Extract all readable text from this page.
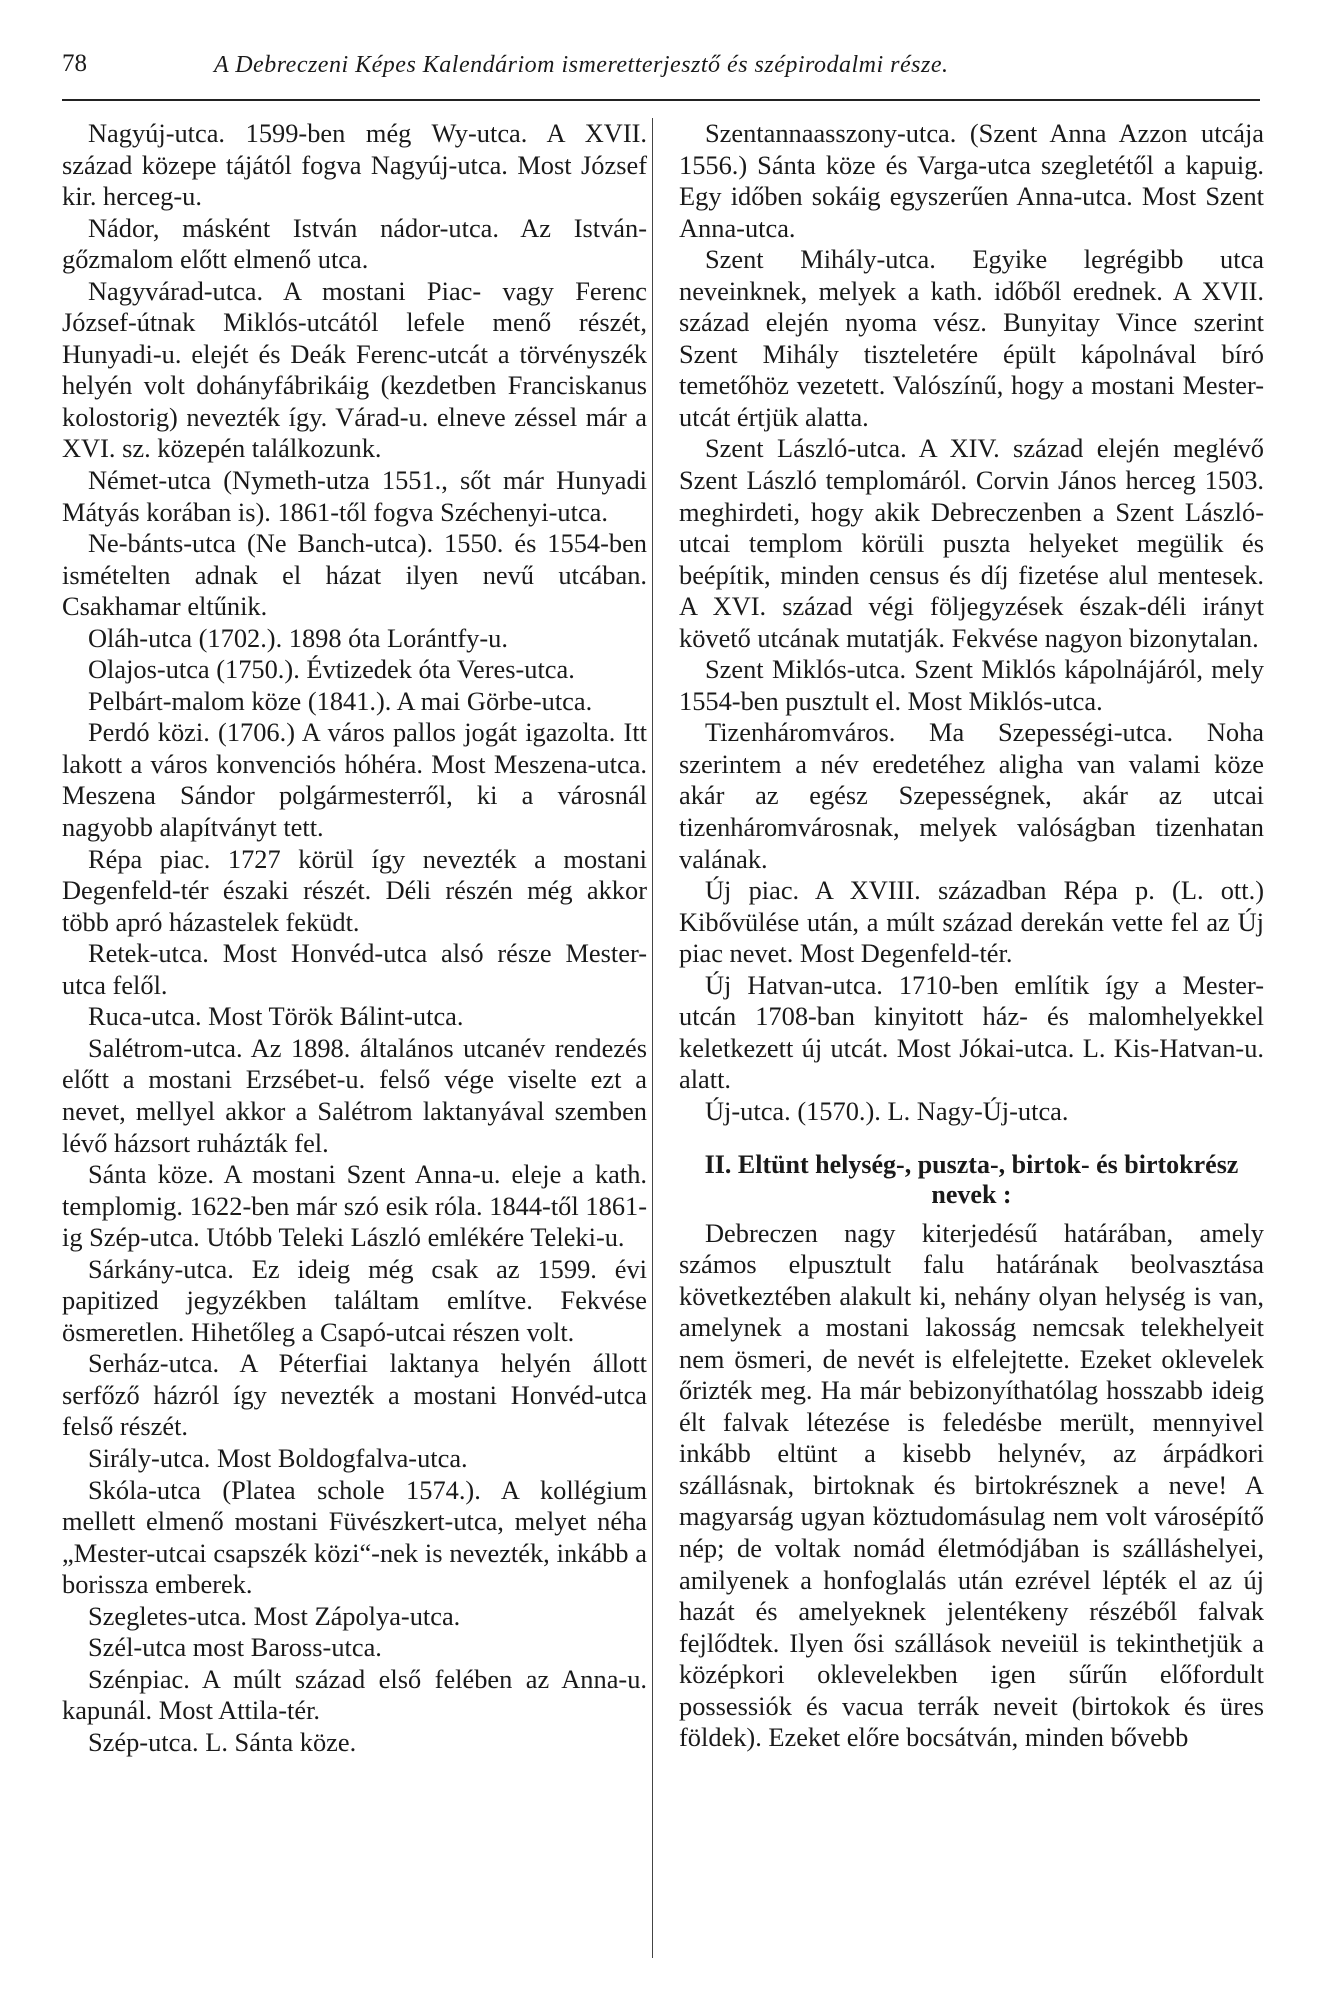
78	A Debreczeni Képes Kalendáriom ismeretterjesztő és szépirodalmi része.

Nagyúj-utca. 1599-ben még Wy-utca. A XVII. század közepe tájától fogva Nagyúj-utca. Most József kir. herceg-u.

Nádor, másként István nádor-utca. Az István-gőzmalom előtt elmenő utca.

Nagyvárad-utca. A mostani Piac- vagy Ferenc József-útnak Miklós-utcától lefele menő részét, Hunyadi-u. elejét és Deák Ferenc-utcát a törvényszék helyén volt dohányfábrikáig (kezdetben Franciskanus kolostorig) nevezték így. Várad-u. elneve zéssel már a XVI. sz. közepén találkozunk.

Német-utca (Nymeth-utza 1551., sőt már Hunyadi Mátyás korában is). 1861-től fogva Széchenyi-utca.

Ne-bánts-utca (Ne Banch-utca). 1550. és 1554-ben ismételten adnak el házat ilyen nevű utcában. Csakhamar eltűnik.

Oláh-utca (1702.). 1898 óta Lorántfy-u.

Olajos-utca (1750.). Évtizedek óta Veres-utca.

Pelbárt-malom köze (1841.). A mai Görbe-utca.

Perdó közi. (1706.) A város pallos jogát igazolta. Itt lakott a város konvenciós hóhéra. Most Meszena-utca. Meszena Sándor polgármesterről, ki a városnál nagyobb alapítványt tett.

Répa piac. 1727 körül így nevezték a mostani Degenfeld-tér északi részét. Déli részén még akkor több apró házastelek feküdt.

Retek-utca. Most Honvéd-utca alsó része Mester-utca felől.

Ruca-utca. Most Török Bálint-utca.

Salétrom-utca. Az 1898. általános utcanév rendezés előtt a mostani Erzsébet-u. felső vége viselte ezt a nevet, mellyel akkor a Salétrom laktanyával szemben lévő házsort ruházták fel.

Sánta köze. A mostani Szent Anna-u. eleje a kath. templomig. 1622-ben már szó esik róla. 1844-től 1861-ig Szép-utca. Utóbb Teleki László emlékére Teleki-u.

Sárkány-utca. Ez ideig még csak az 1599. évi papitized jegyzékben találtam említve. Fekvése ösmeretlen. Hihetőleg a Csapó-utcai részen volt.

Serház-utca. A Péterfiai laktanya helyén állott serfőző házról így nevezték a mostani Honvéd-utca felső részét.

Sirály-utca. Most Boldogfalva-utca.

Skóla-utca (Platea schole 1574.). A kollégium mellett elmenő mostani Füvészkert-utca, melyet néha „Mester-utcai csapszék közi“-nek is nevezték, inkább a borissza emberek.

Szegletes-utca. Most Zápolya-utca.

Szél-utca most Baross-utca.

Szénpiac. A múlt század első felében az Anna-u. kapunál. Most Attila-tér.

Szép-utca. L. Sánta köze.

Szentannaasszony-utca. (Szent Anna Azzon utcája 1556.) Sánta köze és Varga-utca szegletétől a kapuig. Egy időben sokáig egyszerűen Anna-utca. Most Szent Anna-utca.

Szent Mihály-utca. Egyike legrégibb utca neveinknek, melyek a kath. időből erednek. A XVII. század elején nyoma vész. Bunyitay Vince szerint Szent Mihály tiszteletére épült kápolnával bíró temetőhöz vezetett. Valószínű, hogy a mostani Mester-utcát értjük alatta.

Szent László-utca. A XIV. század elején meglévő Szent László templomáról. Corvin János herceg 1503. meghirdeti, hogy akik Debreczenben a Szent László-utcai templom körüli puszta helyeket megülik és beépítik, minden census és díj fizetése alul mentesek. A XVI. század végi följegyzések észak-déli irányt követő utcának mutatják. Fekvése nagyon bizonytalan.

Szent Miklós-utca. Szent Miklós kápolnájáról, mely 1554-ben pusztult el. Most Miklós-utca.

Tizenháromváros. Ma Szepességi-utca. Noha szerintem a név eredetéhez aligha van valami köze akár az egész Szepességnek, akár az utcai tizenháromvárosnak, melyek valóságban tizenhatan valának.

Új piac. A XVIII. században Répa p. (L. ott.) Kibővülése után, a múlt század derekán vette fel az Új piac nevet. Most Degenfeld-tér.

Új Hatvan-utca. 1710-ben említik így a Mester-utcán 1708-ban kinyitott ház- és malomhelyekkel keletkezett új utcát. Most Jókai-utca. L. Kis-Hatvan-u. alatt.

Új-utca. (1570.). L. Nagy-Új-utca.

II. Eltünt helység-, puszta-, birtok- és birtokrész nevek :

Debreczen nagy kiterjedésű határában, amely számos elpusztult falu határának beolvasztása következtében alakult ki, nehány olyan helység is van, amelynek a mostani lakosság nemcsak telekhelyeit nem ösmeri, de nevét is elfelejtette. Ezeket oklevelek őrizték meg. Ha már bebizonyíthatólag hosszabb ideig élt falvak létezése is feledésbe merült, mennyivel inkább eltünt a kisebb helynév, az árpádkori szállásnak, birtoknak és birtokrésznek a neve! A magyarság ugyan köztudomásulag nem volt városépítő nép; de voltak nomád életmódjában is szálláshelyei, amilyenek a honfoglalás után ezrével lépték el az új hazát és amelyeknek jelentékeny részéből falvak fejlődtek. Ilyen ősi szállások neveiül is tekinthetjük a középkori oklevelekben igen sűrűn előfordult possessiók és vacua terrák neveit (birtokok és üres földek). Ezeket előre bocsátván, minden bővebb
